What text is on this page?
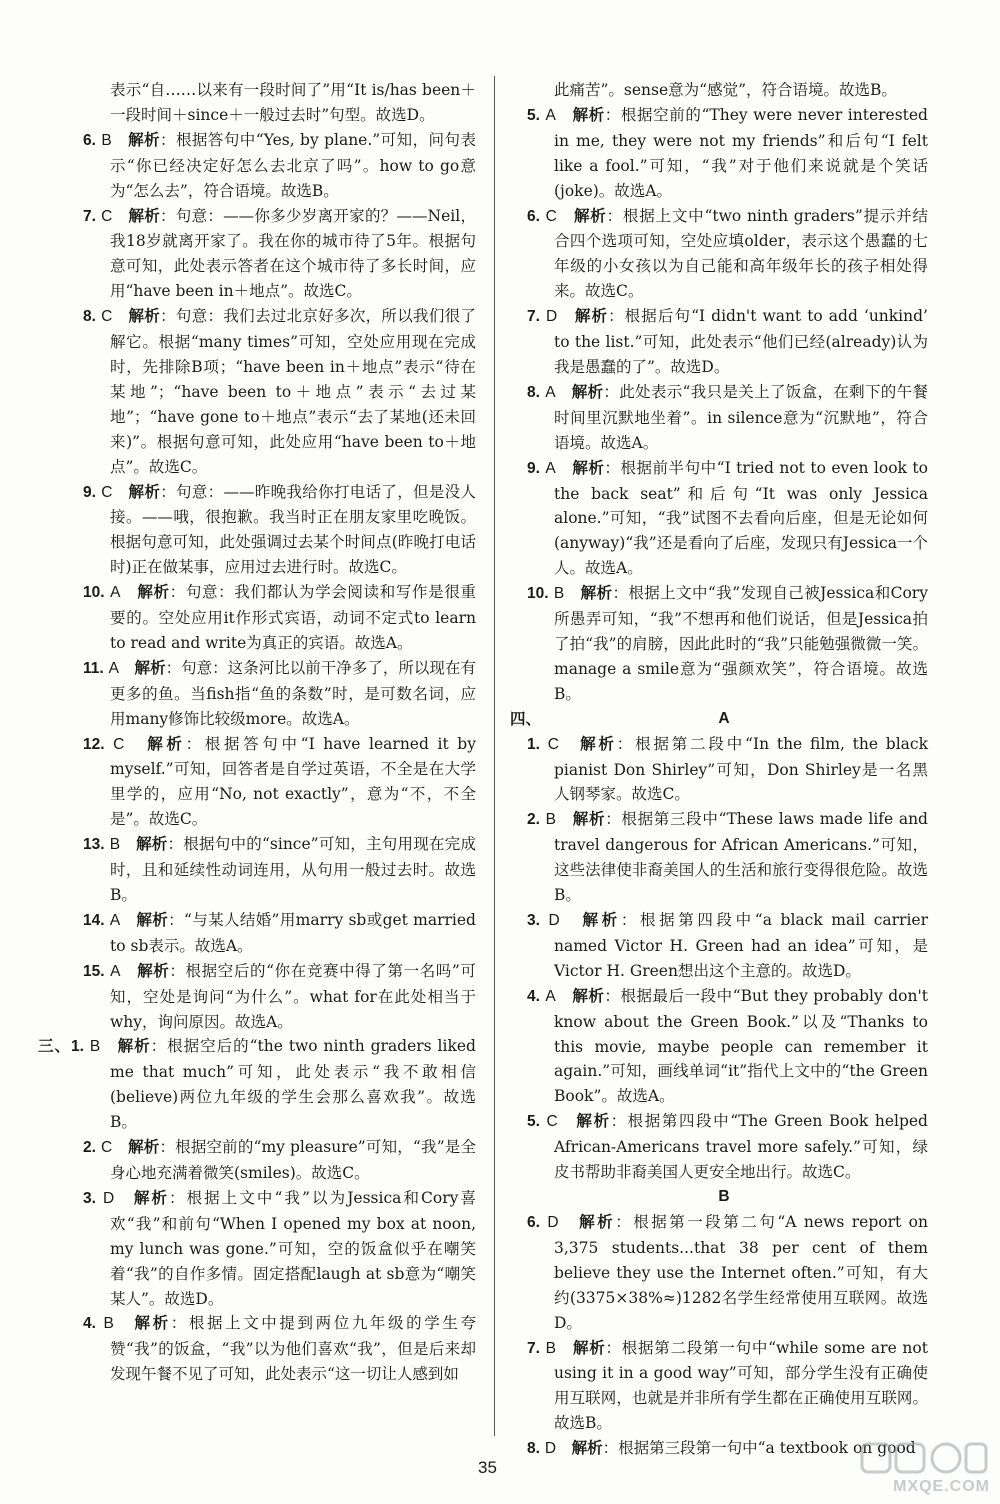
表示“自……以来有一段时间了”用“It is/has been＋一段时间＋since＋一般过去时”句型。故选D。

6. B　 解析：根据答句中“Yes, by plane.”可知，问句表示“你已经决定好怎么去北京了吗”。how to go意为“怎么去”，符合语境。故选B。

7. C　 解析：句意：——你多少岁离开家的？——Neil，我18岁就离开家了。我在你的城市待了5年。根据句意可知，此处表示答者在这个城市待了多长时间，应用“have been in＋地点”。故选C。

8. C　 解析：句意：我们去过北京好多次，所以我们很了解它。根据“many times”可知，空处应用现在完成时，先排除B项；“have been in＋地点”表示“待在某地”；“have been to＋地点”表示“去过某地”；“have gone to＋地点”表示“去了某地(还未回来)”。根据句意可知，此处应用“have been to＋地点”。故选C。

9. C　 解析：句意：——昨晚我给你打电话了，但是没人接。——哦，很抱歉。我当时正在朋友家里吃晚饭。根据句意可知，此处强调过去某个时间点(昨晚打电话时)正在做某事，应用过去进行时。故选C。

10. A　 解析：句意：我们都认为学会阅读和写作是很重要的。空处应用it作形式宾语，动词不定式to learn to read and write为真正的宾语。故选A。

11. A　 解析：句意：这条河比以前干净多了，所以现在有更多的鱼。当fish指“鱼的条数”时，是可数名词，应用many修饰比较级more。故选A。

12. C　 解析：根据答句中“I have learned it by myself.”可知，回答者是自学过英语，不全是在大学里学的，应用“No, not exactly”，意为“不，不全是”。故选C。

13. B　 解析：根据句中的“since”可知，主句用现在完成时，且和延续性动词连用，从句用一般过去时。故选B。

14. A　 解析：“与某人结婚”用marry sb或get married to sb表示。故选A。

15. A　 解析：根据空后的“你在竞赛中得了第一名吗”可知，空处是询问“为什么”。what for在此处相当于why，询问原因。故选A。

三、1. B　 解析：根据空后的“the two ninth graders liked me that much”可知，此处表示“我不敢相信(believe)两位九年级的学生会那么喜欢我”。故选B。

2. C　 解析：根据空前的“my pleasure”可知，“我”是全身心地充满着微笑(smiles)。故选C。

3. D　 解析：根据上文中“我”以为Jessica和Cory喜欢“我”和前句“When I opened my box at noon, my lunch was gone.”可知，空的饭盒似乎在嘲笑着“我”的自作多情。固定搭配laugh at sb意为“嘲笑某人”。故选D。

4. B　 解析：根据上文中提到两位九年级的学生夸赞“我”的饭盒，“我”以为他们喜欢“我”，但是后来却发现午餐不见了可知，此处表示“这一切让人感到如

此痛苦”。sense意为“感觉”，符合语境。故选B。

5. A　 解析：根据空前的“They were never interested in me, they were not my friends”和后句“I felt like a fool.”可知，“我”对于他们来说就是个笑话(joke)。故选A。

6. C　 解析：根据上文中“two ninth graders”提示并结合四个选项可知，空处应填older，表示这个愚蠢的七年级的小女孩以为自己能和高年级年长的孩子相处得来。故选C。

7. D　 解析：根据后句“I didn't want to add ‘unkind’ to the list.”可知，此处表示“他们已经(already)认为我是愚蠢的了”。故选D。

8. A　 解析：此处表示“我只是关上了饭盒，在剩下的午餐时间里沉默地坐着”。in silence意为“沉默地”，符合语境。故选A。

9. A　 解析：根据前半句中“I tried not to even look to the back seat”和后句“It was only Jessica alone.”可知，“我”试图不去看向后座，但是无论如何(anyway)“我”还是看向了后座，发现只有Jessica一个人。故选A。

10. B　 解析：根据上文中“我”发现自己被Jessica和Cory所愚弄可知，“我”不想再和他们说话，但是Jessica拍了拍“我”的肩膀，因此此时的“我”只能勉强微微一笑。manage a smile意为“强颜欢笑”，符合语境。故选B。

四、	A

1. C　 解析：根据第二段中“In the film, the black pianist Don Shirley”可知，Don Shirley是一名黑人钢琴家。故选C。

2. B　 解析：根据第三段中“These laws made life and travel dangerous for African Americans.”可知，这些法律使非裔美国人的生活和旅行变得很危险。故选B。

3. D　 解析：根据第四段中“a black mail carrier named Victor H. Green had an idea”可知，是Victor H. Green想出这个主意的。故选D。

4. A　 解析：根据最后一段中“But they probably don't know about the Green Book.”以及“Thanks to this movie, maybe people can remember it again.”可知，画线单词“it”指代上文中的“the Green Book”。故选A。

5. C　 解析：根据第四段中“The Green Book helped African-Americans travel more safely.”可知，绿皮书帮助非裔美国人更安全地出行。故选C。

B

6. D　 解析：根据第一段第二句“A news report on 3,375 students...that 38 per cent of them believe they use the Internet often.”可知，有大约(3375×38%≈)1282名学生经常使用互联网。故选D。

7. B　 解析：根据第二段第一句中“while some are not using it in a good way”可知，部分学生没有正确使用互联网，也就是并非所有学生都在正确使用互联网。故选B。

8. D　 解析：根据第三段第一句中“a textbook on good

35
MXQE.COM
